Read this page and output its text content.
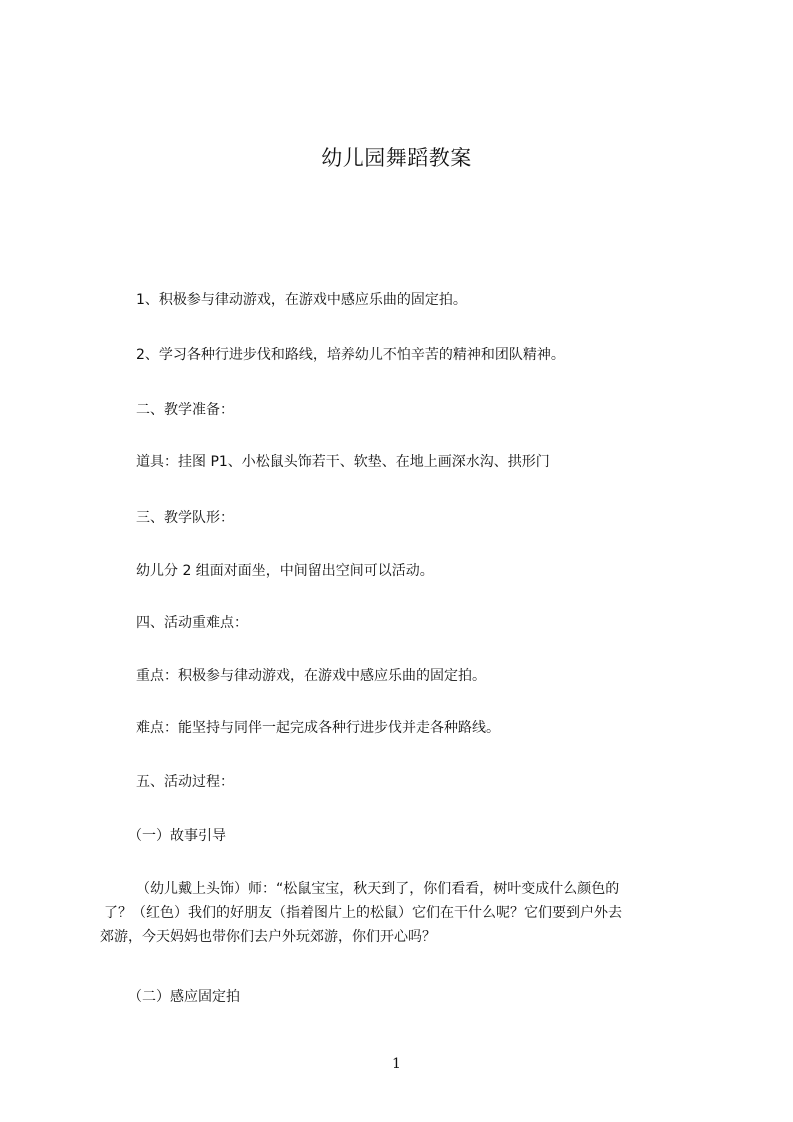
幼儿园舞蹈教案
1、积极参与律动游戏，在游戏中感应乐曲的固定拍。
2、学习各种行进步伐和路线，培养幼儿不怕辛苦的精神和团队精神。
二、教学准备：
道具：挂图 P1、小松鼠头饰若干、软垫、在地上画深水沟、拱形门
三、教学队形：
幼儿分 2 组面对面坐，中间留出空间可以活动。
四、活动重难点：
重点：积极参与律动游戏，在游戏中感应乐曲的固定拍。
难点：能坚持与同伴一起完成各种行进步伐并走各种路线。
五、活动过程：
（一）故事引导
（幼儿戴上头饰）师：“松鼠宝宝，秋天到了，你们看看，树叶变成什么颜色的
了？（红色）我们的好朋友（指着图片上的松鼠）它们在干什么呢？它们要到户外去
郊游，今天妈妈也带你们去户外玩郊游，你们开心吗？
（二）感应固定拍
1
